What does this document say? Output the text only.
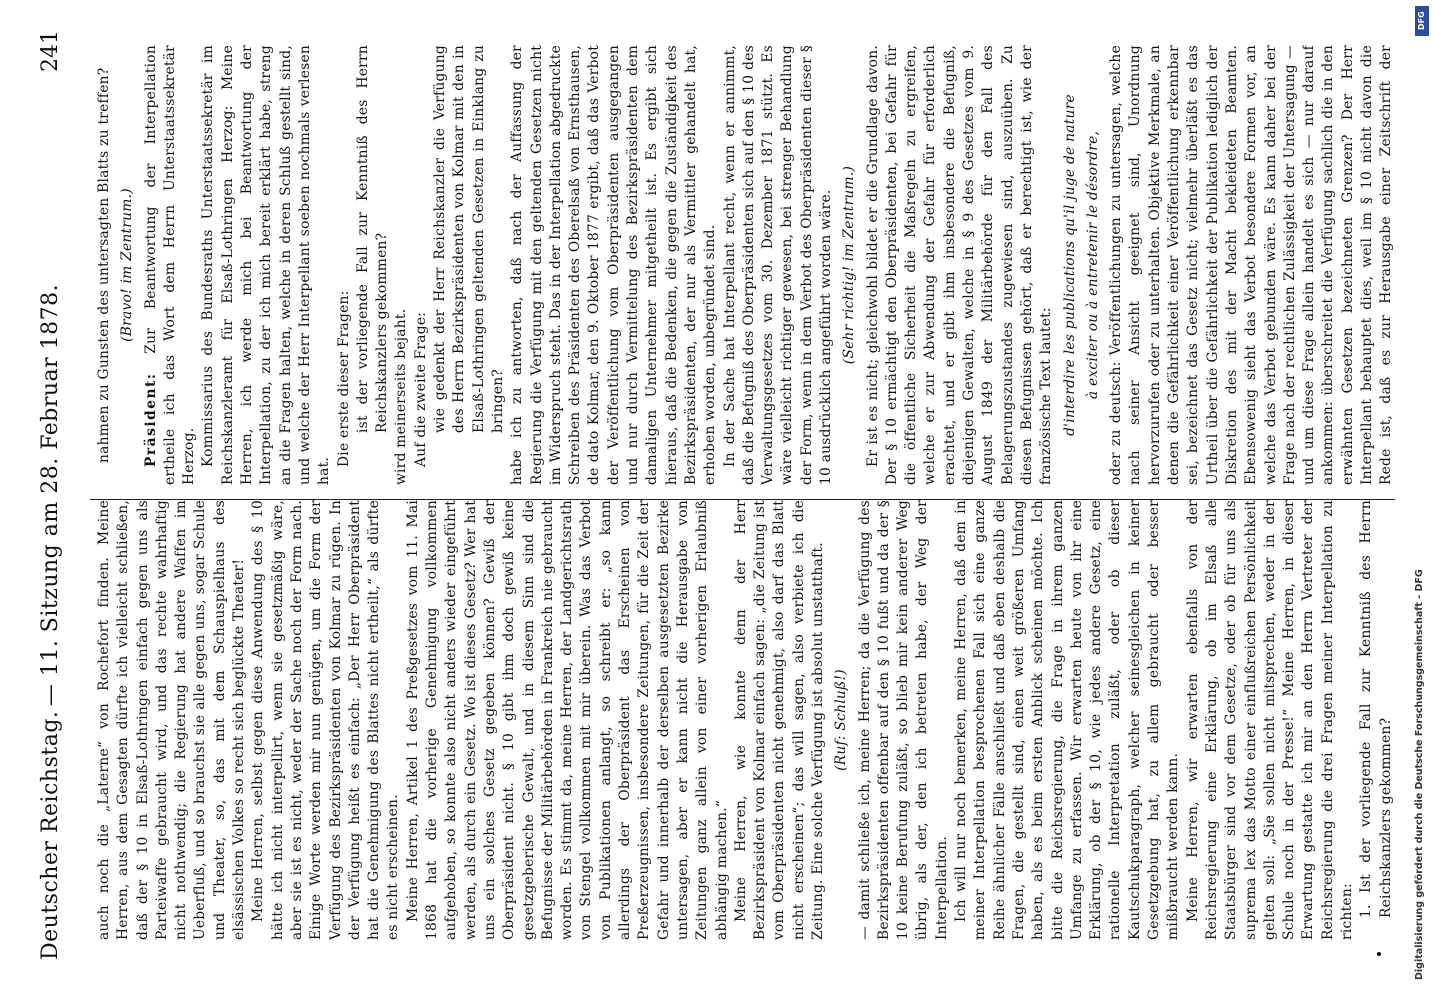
Deutscher Reichstag.
— 11. Sitzung am 28. Februar 1878.
241

auch noch die „Laterne“ von Rochefort finden. Meine Herren, aus dem Gesagten dürfte ich vielleicht schließen, daß der § 10 in Elsaß-Lothringen einfach gegen uns als Parteiwaffe gebraucht wird, und das rechte wahrhaftig nicht nothwendig; die Regierung hat andere Waffen im Ueberfluß, und so brauchst sie alle gegen uns, sogar Schule und Theater, so, das mit dem Schauspielhaus des elsässischen Volkes so recht sich beglückte Theater! Meine Herren, selbst gegen diese Anwendung des § 10 hätte ich nicht interpellirt, wenn sie gesetzmäßig wäre, aber sie ist es nicht, weder der Sache noch der Form nach. Einige Worte werden mir nun genügen, um die Form der Verfügung des Bezirkspräsidenten von Kolmar zu rügen. In der Verfügung heißt es einfach: „Der Herr Oberpräsident hat die Genehmigung des Blattes nicht ertheilt,“ als dürfte es nicht erscheinen. Meine Herren, Artikel 1 des Preßgesetzes vom 11. Mai 1868 hat die vorherige Genehmigung vollkommen aufgehoben, so konnte also nicht anders wieder eingeführt werden, als durch ein Gesetz. Wo ist dieses Gesetz? Wer hat uns ein solches Gesetz gegeben können? Gewiß der Oberpräsident nicht. § 10 gibt ihm doch gewiß keine gesetzgeberische Gewalt, und in diesem Sinn sind die Befugnisse der Militärbehörden in Frankreich nie gebraucht worden. Es stimmt da, meine Herren, der Landgerichtsrath von Stengel vollkommen mit mir überein. Was das Verbot von Publikationen anlangt, so schreibt er: „so kann allerdings der Oberpräsident das Erscheinen von Preßerzeugnissen, insbesondere Zeitungen, für die Zeit der Gefahr und innerhalb der derselben ausgesetzten Bezirke untersagen, aber er kann nicht die Herausgabe von Zeitungen ganz allein von einer vorherigen Erlaubniß abhängig machen.“ Meine Herren, wie konnte denn der Herr Bezirkspräsident von Kolmar einfach sagen: „die Zeitung ist vom Oberpräsidenten nicht genehmigt, also darf das Blatt nicht erscheinen“; das will sagen, also verbiete ich die Zeitung. Eine solche Verfügung ist absolut unstatthaft. (Ruf: Schluß!) — damit schließe ich, meine Herren; da die Verfügung des Bezirkspräsidenten offenbar auf den § 10 fußt und da der § 10 keine Berufung zuläßt, so blieb mir kein anderer Weg übrig, als der, den ich betreten habe, der Weg der Interpellation. Ich will nur noch bemerken, meine Herren, daß dem in meiner Interpellation besprochenen Fall sich eine ganze Reihe ähnlicher Fälle anschließt und daß eben deshalb die Fragen, die gestellt sind, einen weit größeren Umfang haben, als es beim ersten Anblick scheinen möchte. Ich bitte die Reichsregierung, die Frage in ihrem ganzen Umfange zu erfassen. Wir erwarten heute von ihr eine Erklärung, ob der § 10, wie jedes andere Gesetz, eine rationelle Interpretation zuläßt, oder ob dieser Kautschukparagraph, welcher seinesgleichen in keiner Gesetzgebung hat, zu allem gebraucht oder besser mißbraucht werden kann. Meine Herren, wir erwarten ebenfalls von der Reichsregierung eine Erklärung, ob im Elsaß alle Staatsbürger sind vor dem Gesetze, oder ob für uns als suprema lex das Motto einer einflußreichen Persönlichkeit gelten soll: „Sie sollen nicht mitsprechen, weder in der Schule noch in der Presse!“ Meine Herren, in dieser Erwartung gestatte ich mir an den Herrn Vertreter der Reichsregierung die drei Fragen meiner Interpellation zu richten: 1. Ist der vorliegende Fall zur Kenntniß des Herrn Reichskanzlers gekommen?

nahmen zu Gunsten des untersagten Blatts zu treffen? (Bravo! im Zentrum.)

Präsident: Zur Beantwortung der Interpellation ertheile ich das Wort dem Herrn Unterstaatssekretär Herzog. Kommissarius des Bundesraths Unterstaatssekretär im Reichskanzleramt für Elsaß-Lothringen Herzog: Meine Herren, ich werde mich bei Beantwortung der Interpellation, zu der ich mich bereit erklärt habe, streng an die Fragen halten, welche in deren Schluß gestellt sind, und welche der Herr Interpellant soeben nochmals verlesen hat.

Die erste dieser Fragen: ist der vorliegende Fall zur Kenntniß des Herrn Reichskanzlers gekommen? wird meinerseits bejaht. Auf die zweite Frage: wie gedenkt der Herr Reichskanzler die Verfügung des Herrn Bezirkspräsidenten von Kolmar mit den in Elsaß-Lothringen geltenden Gesetzen in Einklang zu bringen? habe ich zu antworten, daß nach der Auffassung der Regierung die Verfügung mit den geltenden Gesetzen nicht im Widerspruch steht. Das in der Interpellation abgedruckte Schreiben des Präsidenten des Oberelsaß von Ernsthausen, de dato Kolmar, den 9. Oktober 1877 ergibt, daß das Verbot der Veröffentlichung vom Oberpräsidenten ausgegangen und nur durch Vermittelung des Bezirkspräsidenten dem damaligen Unternehmer mitgetheilt ist. Es ergibt sich hieraus, daß die Bedenken, die gegen die Zuständigkeit des Bezirkspräsidenten, der nur als Vermittler gehandelt hat, erhoben worden, unbegründet sind. In der Sache hat Interpellant recht, wenn er annimmt, daß die Befugniß des Oberpräsidenten sich auf den § 10 des Verwaltungsgesetzes vom 30. Dezember 1871 stützt. Es wäre vielleicht richtiger gewesen, bei strenger Behandlung der Form, wenn in dem Verbot des Oberpräsidenten dieser § 10 ausdrücklich angeführt worden wäre. (Sehr richtig! im Zentrum.) Er ist es nicht; gleichwohl bildet er die Grundlage davon. Der § 10 ermächtigt den Oberpräsidenten, bei Gefahr für die öffentliche Sicherheit die Maßregeln zu ergreifen, welche er zur Abwendung der Gefahr für erforderlich erachtet, und er gibt ihm insbesondere die Befugniß, diejenigen Gewalten, welche in § 9 des Gesetzes vom 9. August 1849 der Militärbehörde für den Fall des Belagerungszustandes zugewiesen sind, auszuüben. Zu diesen Befugnissen gehört, daß er berechtigt ist, wie der französische Text lautet: d'interdire les publications qu'il juge de nature à exciter ou à entretenir le désordre,

oder zu deutsch: Veröffentlichungen zu untersagen, welche nach seiner Ansicht geeignet sind, Unordnung hervorzurufen oder zu unterhalten. Objektive Merkmale, an denen die Gefährlichkeit einer Veröffentlichung erkennbar sei, bezeichnet das Gesetz nicht; vielmehr überläßt es das Urtheil über die Gefährlichkeit der Publikation lediglich der Diskretion des mit der Macht bekleideten Beamten. Ebensowenig sieht das Verbot besondere Formen vor, an welche das Verbot gebunden wäre. Es kann daher bei der Frage nach der rechtlichen Zulässigkeit der Untersagung — und um diese Frage allein handelt es sich — nur darauf ankommen: überschreitet die Verfügung sachlich die in den erwähnten Gesetzen bezeichneten Grenzen? Der Herr Interpellant behauptet dies, weil im § 10 nicht davon die Rede ist, daß es zur Herausgabe einer Zeitschrift der

DFG
Digitalisierung gefördert durch die Deutsche Forschungsgemeinschaft - DFG
